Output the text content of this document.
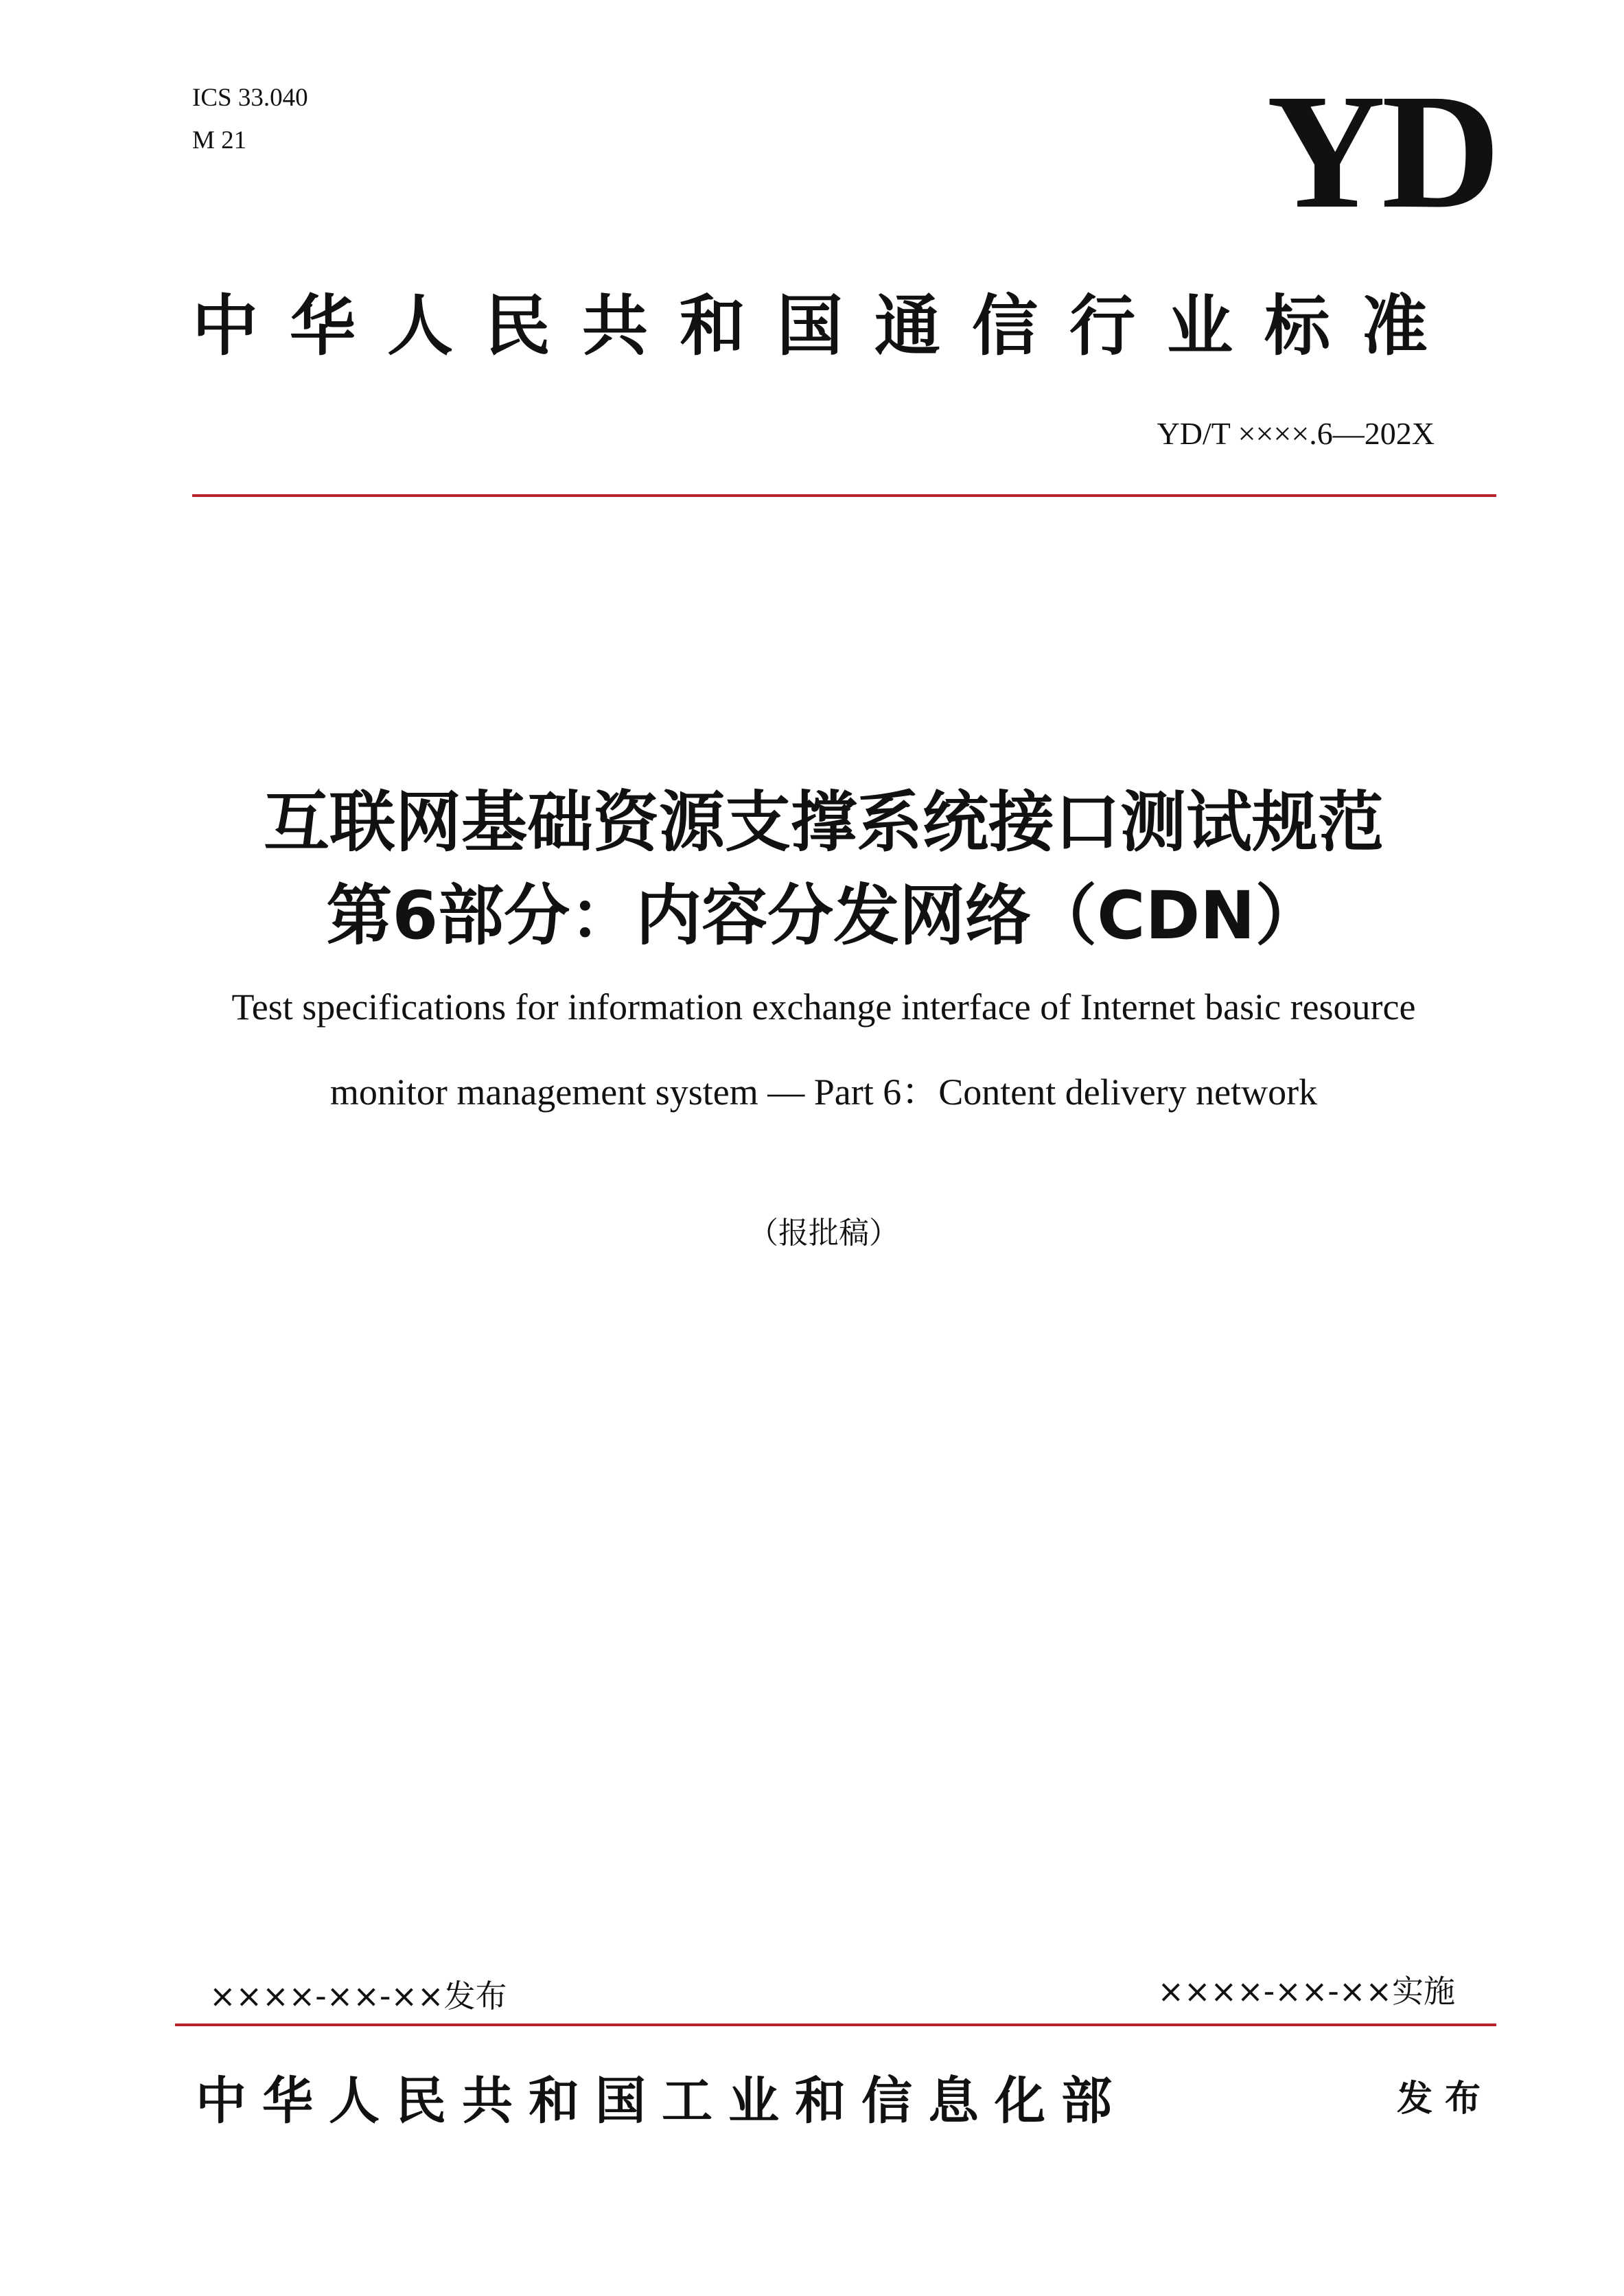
ICS 33.040
M 21	YD
中华人民共和国通信行业标准
YD/T ××××.6—202X
互联网基础资源支撑系统接口测试规范
第6部分：内容分发网络（CDN）
Test specifications for information exchange interface of Internet basic resource
monitor management system — Part 6：Content delivery network
（报批稿）
××××-××-××发布	××××-××-××实施
中华人民共和国工业和信息化部	发布
